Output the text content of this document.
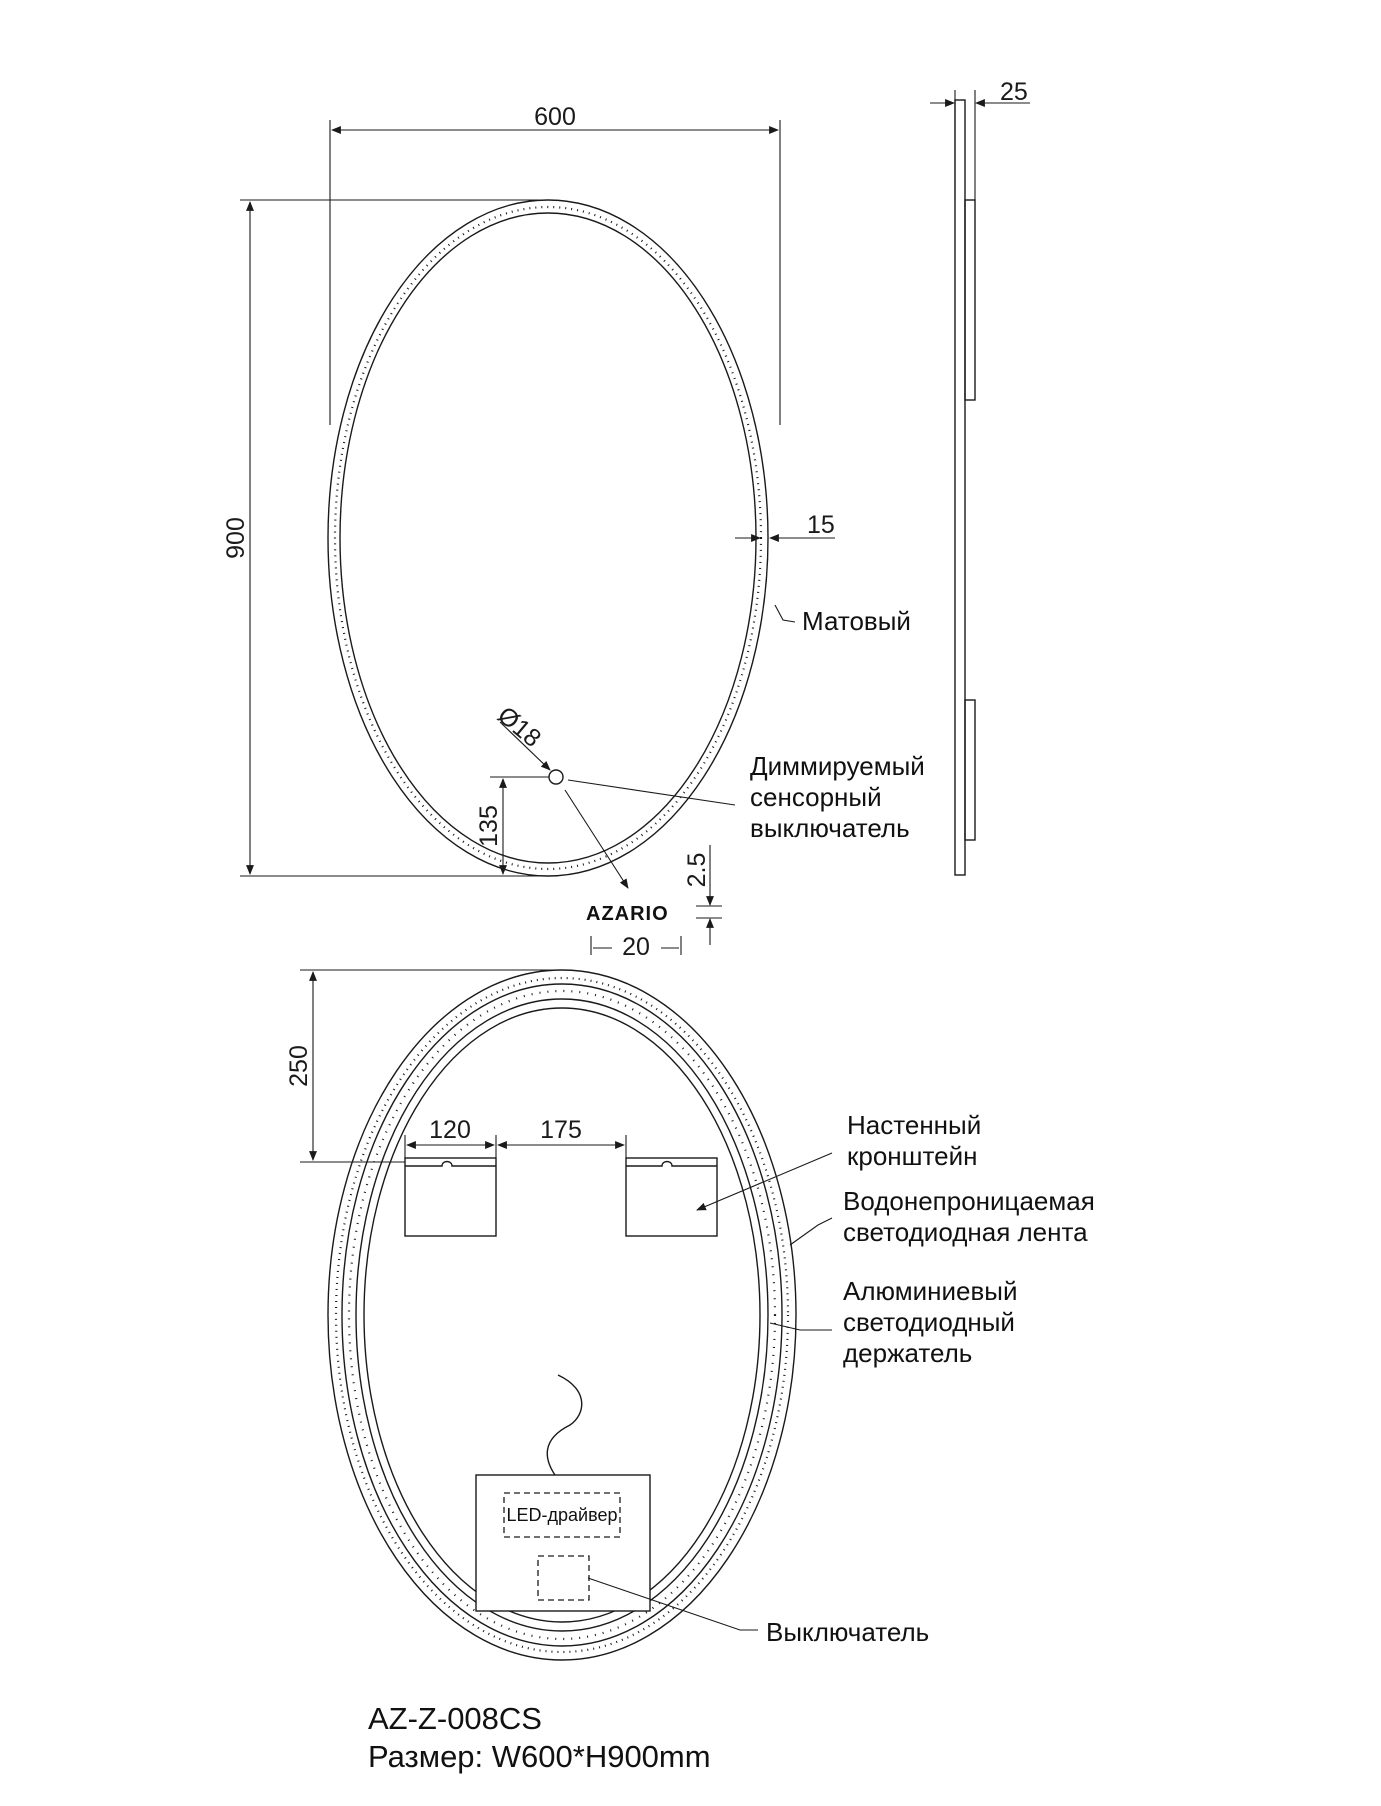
600
900	15
Матовый
Ø18
Диммируемый
сенсорный
выключатель
135
AZARIO
2.5
20
25
250
120	175
LED-драйвер
Настенный
кронштейн
Водонепроницаемая
светодиодная лента
Алюминиевый
светодиодный
держатель
Выключатель
AZ-Z-008CS
Размер: W600*H900mm
